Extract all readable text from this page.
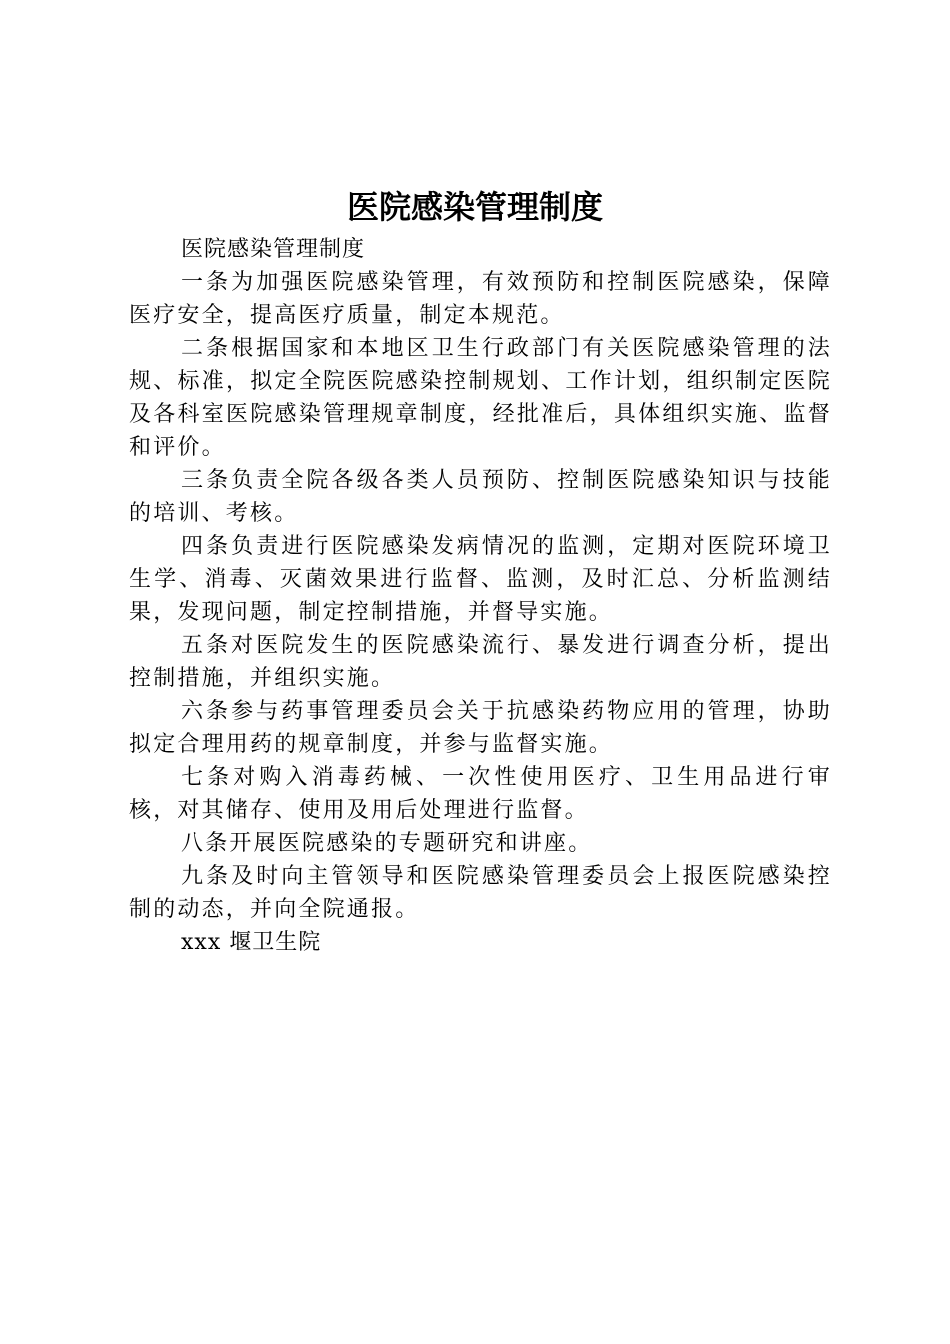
医院感染管理制度

医院感染管理制度

一条为加强医院感染管理，有效预防和控制医院感染，保障医疗安全，提高医疗质量，制定本规范。

二条根据国家和本地区卫生行政部门有关医院感染管理的法规、标准，拟定全院医院感染控制规划、工作计划，组织制定医院及各科室医院感染管理规章制度，经批准后，具体组织实施、监督和评价。

三条负责全院各级各类人员预防、控制医院感染知识与技能的培训、考核。

四条负责进行医院感染发病情况的监测，定期对医院环境卫生学、消毒、灭菌效果进行监督、监测，及时汇总、分析监测结果，发现问题，制定控制措施，并督导实施。

五条对医院发生的医院感染流行、暴发进行调查分析，提出控制措施，并组织实施。

六条参与药事管理委员会关于抗感染药物应用的管理，协助拟定合理用药的规章制度，并参与监督实施。

七条对购入消毒药械、一次性使用医疗、卫生用品进行审核，对其储存、使用及用后处理进行监督。

八条开展医院感染的专题研究和讲座。

九条及时向主管领导和医院感染管理委员会上报医院感染控制的动态，并向全院通报。

xxx 堰卫生院
